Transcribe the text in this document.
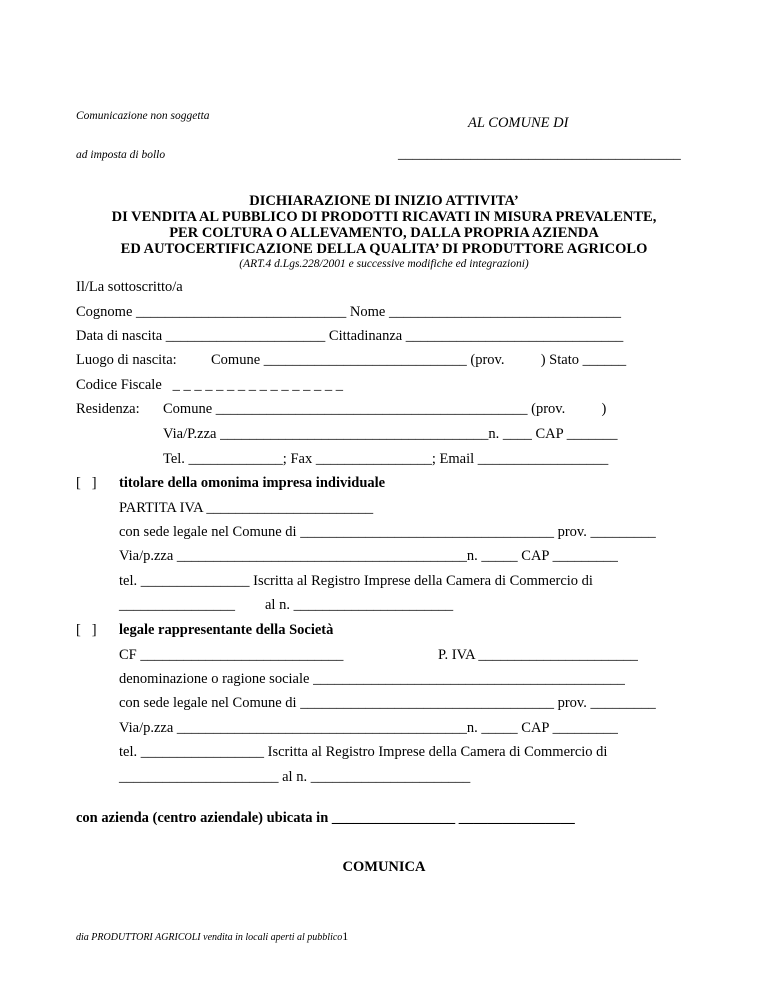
Comunicazione non soggetta

ad imposta di bollo

AL COMUNE DI
_______________________________________
DICHIARAZIONE DI INIZIO ATTIVITA’
DI VENDITA AL PUBBLICO DI PRODOTTI RICAVATI IN MISURA PREVALENTE,
PER COLTURA O ALLEVAMENTO, DALLA PROPRIA AZIENDA
ED AUTOCERTIFICAZIONE DELLA QUALITA’ DI PRODUTTORE AGRICOLO
(ART.4 d.Lgs.228/2001 e successive modifiche ed integrazioni)
Il/La sottoscritto/a
Cognome _____________________________ Nome ________________________________
Data di nascita ______________________ Cittadinanza ______________________________
Luogo di nascita: Comune ____________________________ (prov.          ) Stato ______
Codice Fiscale   _ _ _ _ _ _ _ _ _ _ _ _ _ _ _ _
Residenza: Comune ___________________________________________ (prov.          )
Via/P.zza _____________________________________n. ____ CAP _______
Tel. _____________; Fax ________________; Email __________________
[   ] titolare della omonima impresa individuale
PARTITA IVA _______________________
con sede legale nel Comune di ___________________________________ prov. _________
Via/p.zza ________________________________________n. _____ CAP _________
tel. _______________ Iscritta al Registro Imprese della Camera di Commercio di
________________ al n. ______________________
[   ] legale rappresentante della Società
CF ____________________________	P. IVA ______________________
denominazione o ragione sociale ___________________________________________
con sede legale nel Comune di ___________________________________ prov. _________
Via/p.zza ________________________________________n. _____ CAP _________
tel. _________________ Iscritta al Registro Imprese della Camera di Commercio di
______________________ al n. ______________________
con azienda (centro aziendale) ubicata in _________________ ________________
COMUNICA
dia PRODUTTORI AGRICOLI vendita in locali aperti al pubblico1
